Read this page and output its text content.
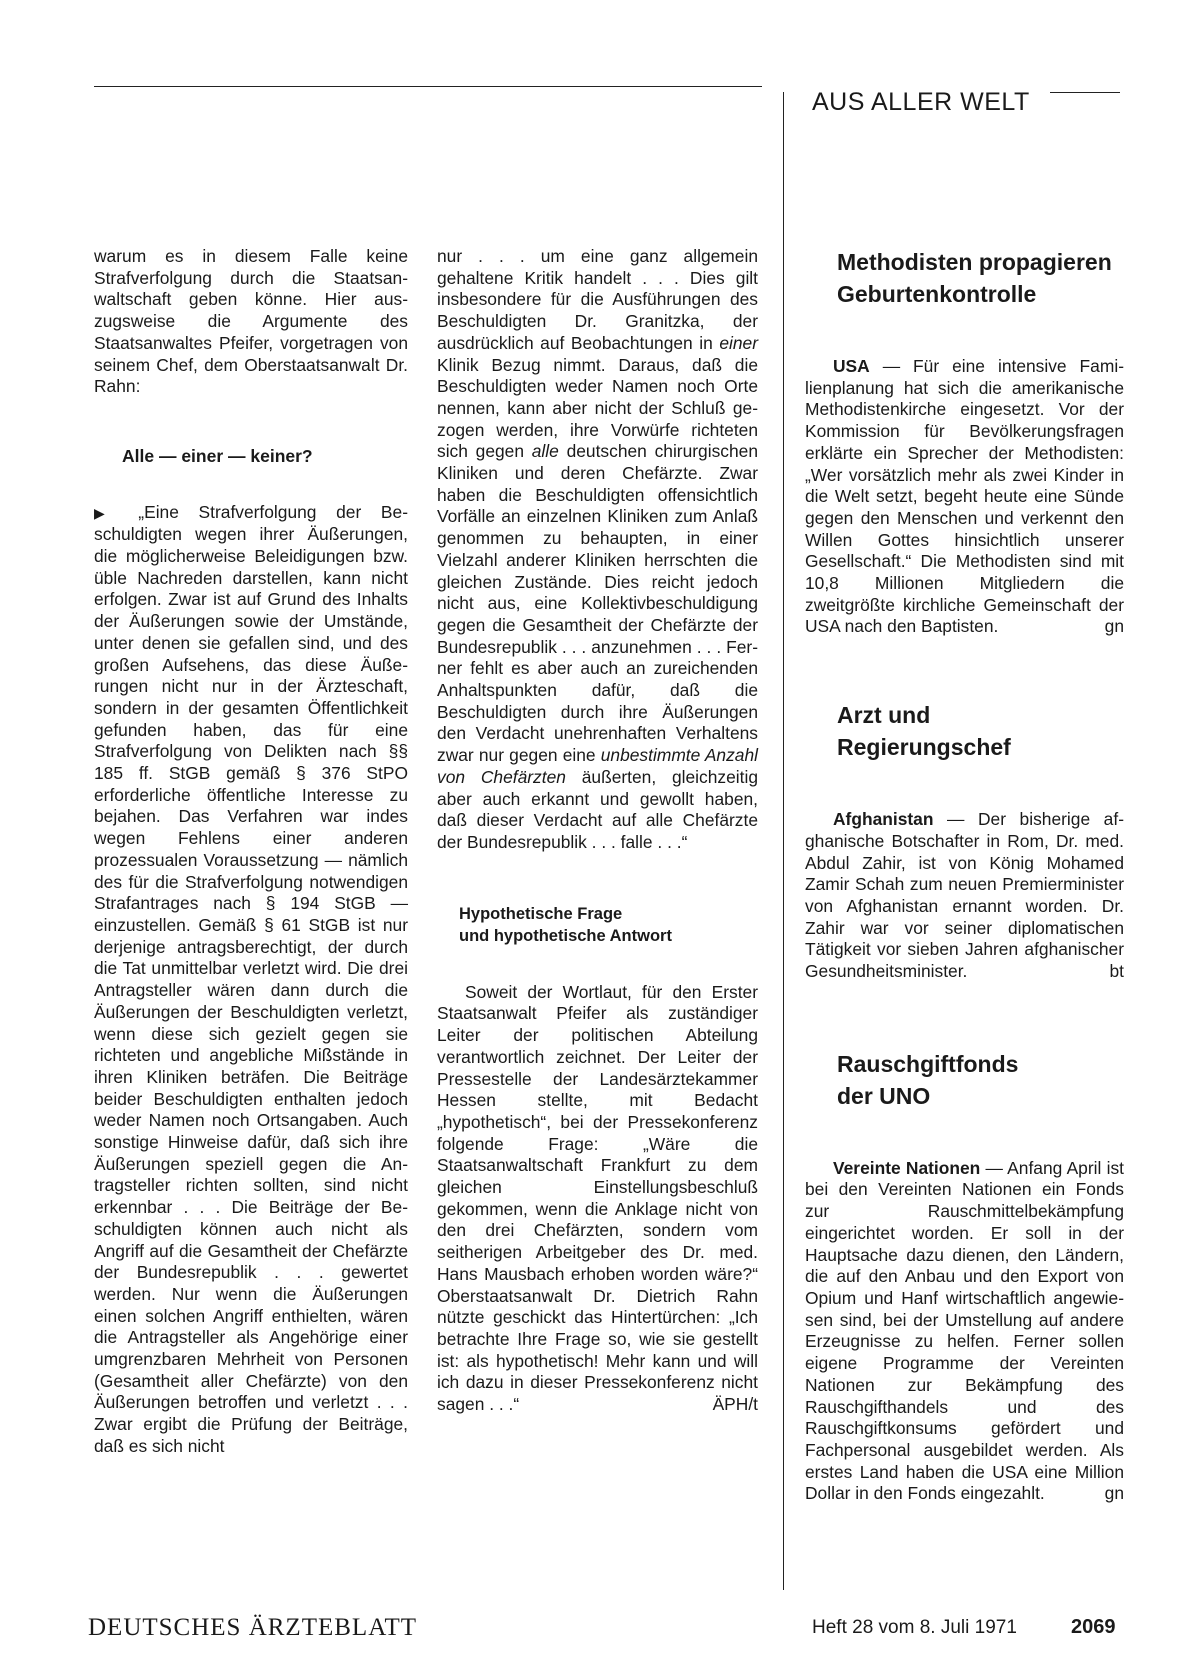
AUS ALLER WELT

warum es in diesem Falle keine Strafverfolgung durch die Staatsanwaltschaft geben könne. Hier auszugsweise die Argumente des Staatsanwaltes Pfeifer, vorgetragen von seinem Chef, dem Oberstaatsanwalt Dr. Rahn:

Alle — einer — keiner?

▶ „Eine Strafverfolgung der Beschuldigten wegen ihrer Äußerungen, die möglicherweise Beleidigungen bzw. üble Nachreden darstellen, kann nicht erfolgen. Zwar ist auf Grund des Inhalts der Äußerungen sowie der Umstände, unter denen sie gefallen sind, und des großen Aufsehens, das diese Äußerungen nicht nur in der Ärzteschaft, sondern in der gesamten Öffentlichkeit gefunden haben, das für eine Strafverfolgung von Delikten nach §§ 185 ff. StGB gemäß § 376 StPO erforderliche öffentliche Interesse zu bejahen. Das Verfahren war indes wegen Fehlens einer anderen prozessualen Voraussetzung — nämlich des für die Strafverfolgung notwendigen Strafantrages nach § 194 StGB — einzustellen. Gemäß § 61 StGB ist nur derjenige antragsberechtigt, der durch die Tat unmittelbar verletzt wird. Die drei Antragsteller wären dann durch die Äußerungen der Beschuldigten verletzt, wenn diese sich gezielt gegen sie richteten und angebliche Mißstände in ihren Kliniken beträfen. Die Beiträge beider Beschuldigten enthalten jedoch weder Namen noch Ortsangaben. Auch sonstige Hinweise dafür, daß sich ihre Äußerungen speziell gegen die Antragsteller richten sollten, sind nicht erkennbar . . . Die Beiträge der Beschuldigten können auch nicht als Angriff auf die Gesamtheit der Chefärzte der Bundesrepublik . . . gewertet werden. Nur wenn die Äußerungen einen solchen Angriff enthielten, wären die Antragsteller als Angehörige einer umgrenzbaren Mehrheit von Personen (Gesamtheit aller Chefärzte) von den Äußerungen betroffen und verletzt . . . Zwar ergibt die Prüfung der Beiträge, daß es sich nicht

nur . . . um eine ganz allgemein gehaltene Kritik handelt . . . Dies gilt insbesondere für die Ausführungen des Beschuldigten Dr. Granitzka, der ausdrücklich auf Beobachtungen in einer Klinik Bezug nimmt. Daraus, daß die Beschuldigten weder Namen noch Orte nennen, kann aber nicht der Schluß gezogen werden, ihre Vorwürfe richteten sich gegen alle deutschen chirurgischen Kliniken und deren Chefärzte. Zwar haben die Beschuldigten offensichtlich Vorfälle an einzelnen Kliniken zum Anlaß genommen zu behaupten, in einer Vielzahl anderer Kliniken herrschten die gleichen Zustände. Dies reicht jedoch nicht aus, eine Kollektivbeschuldigung gegen die Gesamtheit der Chefärzte der Bundesrepublik . . . anzunehmen . . . Ferner fehlt es aber auch an zureichenden Anhaltspunkten dafür, daß die Beschuldigten durch ihre Äußerungen den Verdacht unehrenhaften Verhaltens zwar nur gegen eine unbestimmte Anzahl von Chefärzten äußerten, gleichzeitig aber auch erkannt und gewollt haben, daß dieser Verdacht auf alle Chefärzte der Bundesrepublik . . . falle . . .“

Hypothetische Frage
und hypothetische Antwort

Soweit der Wortlaut, für den Erster Staatsanwalt Pfeifer als zuständiger Leiter der politischen Abteilung verantwortlich zeichnet. Der Leiter der Pressestelle der Landesärztekammer Hessen stellte, mit Bedacht „hypothetisch“, bei der Pressekonferenz folgende Frage: „Wäre die Staatsanwaltschaft Frankfurt zu dem gleichen Einstellungsbeschluß gekommen, wenn die Anklage nicht von den drei Chefärzten, sondern vom seitherigen Arbeitgeber des Dr. med. Hans Mausbach erhoben worden wäre?“ Oberstaatsanwalt Dr. Dietrich Rahn nützte geschickt das Hintertürchen: „Ich betrachte Ihre Frage so, wie sie gestellt ist: als hypothetisch! Mehr kann und will ich dazu in dieser Pressekonferenz nicht sagen . . .“	ÄPH/t

Methodisten propagieren
Geburtenkontrolle

USA — Für eine intensive Familienplanung hat sich die amerikanische Methodistenkirche eingesetzt. Vor der Kommission für Bevölkerungsfragen erklärte ein Sprecher der Methodisten: „Wer vorsätzlich mehr als zwei Kinder in die Welt setzt, begeht heute eine Sünde gegen den Menschen und verkennt den Willen Gottes hinsichtlich unserer Gesellschaft.“ Die Methodisten sind mit 10,8 Millionen Mitgliedern die zweitgrößte kirchliche Gemeinschaft der USA nach den Baptisten.	gn

Arzt und
Regierungschef

Afghanistan — Der bisherige afghanische Botschafter in Rom, Dr. med. Abdul Zahir, ist von König Mohamed Zamir Schah zum neuen Premierminister von Afghanistan ernannt worden. Dr. Zahir war vor seiner diplomatischen Tätigkeit vor sieben Jahren afghanischer Gesundheitsminister.	bt

Rauschgiftfonds
der UNO

Vereinte Nationen — Anfang April ist bei den Vereinten Nationen ein Fonds zur Rauschmittelbekämpfung eingerichtet worden. Er soll in der Hauptsache dazu dienen, den Ländern, die auf den Anbau und den Export von Opium und Hanf wirtschaftlich angewiesen sind, bei der Umstellung auf andere Erzeugnisse zu helfen. Ferner sollen eigene Programme der Vereinten Nationen zur Bekämpfung des Rauschgifthandels und des Rauschgiftkonsums gefördert und Fachpersonal ausgebildet werden. Als erstes Land haben die USA eine Million Dollar in den Fonds eingezahlt.	gn

DEUTSCHES ÄRZTEBLATT	Heft 28 vom 8. Juli 1971	2069
